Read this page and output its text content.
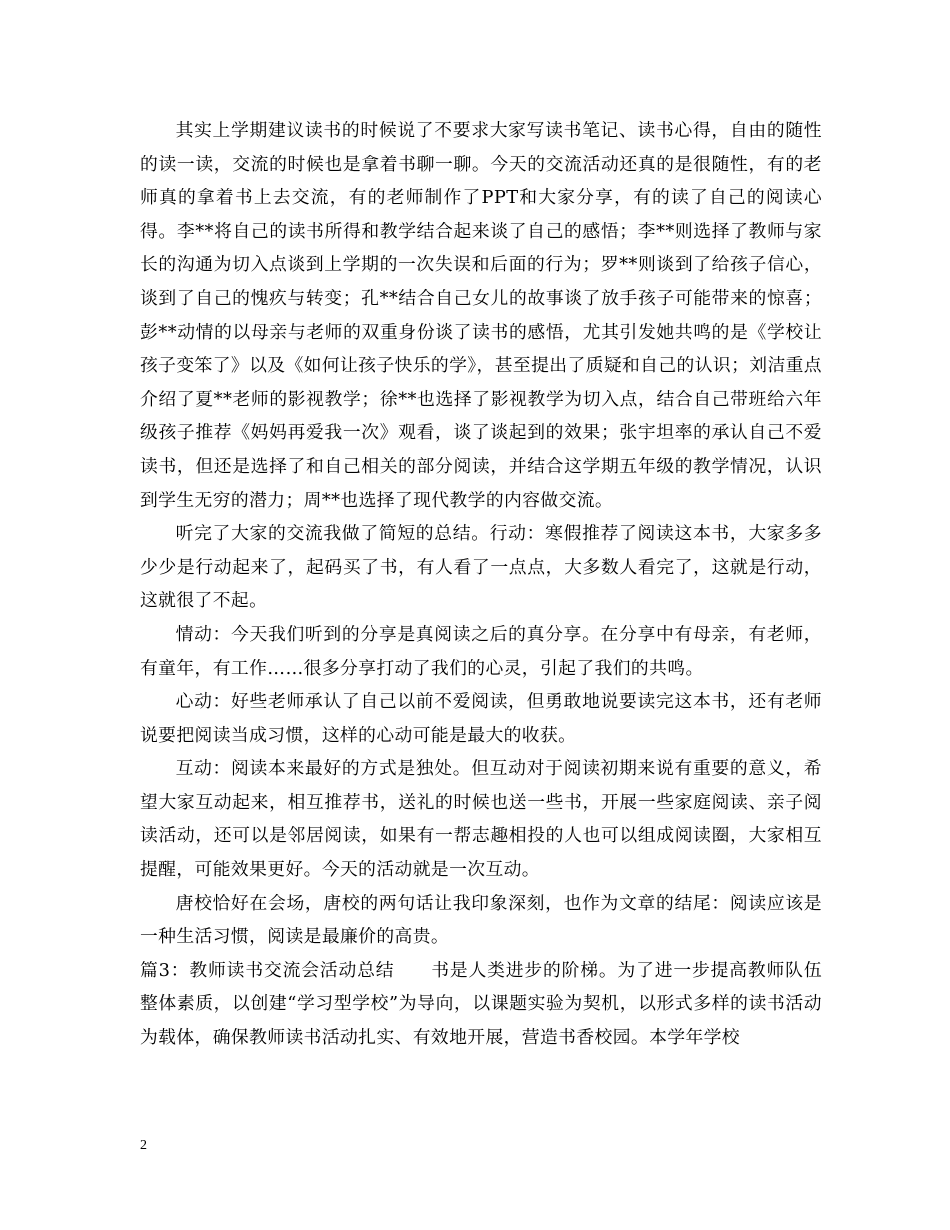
其实上学期建议读书的时候说了不要求大家写读书笔记、读书心得，自由的随性的读一读，交流的时候也是拿着书聊一聊。今天的交流活动还真的是很随性，有的老师真的拿着书上去交流，有的老师制作了PPT和大家分享，有的读了自己的阅读心得。李**将自己的读书所得和教学结合起来谈了自己的感悟；李**则选择了教师与家长的沟通为切入点谈到上学期的一次失误和后面的行为；罗**则谈到了给孩子信心，谈到了自己的愧疚与转变；孔**结合自己女儿的故事谈了放手孩子可能带来的惊喜；彭**动情的以母亲与老师的双重身份谈了读书的感悟，尤其引发她共鸣的是《学校让孩子变笨了》以及《如何让孩子快乐的学》，甚至提出了质疑和自己的认识；刘洁重点介绍了夏**老师的影视教学；徐**也选择了影视教学为切入点，结合自己带班给六年级孩子推荐《妈妈再爱我一次》观看，谈了谈起到的效果；张宇坦率的承认自己不爱读书，但还是选择了和自己相关的部分阅读，并结合这学期五年级的教学情况，认识到学生无穷的潜力；周**也选择了现代教学的内容做交流。

听完了大家的交流我做了简短的总结。行动：寒假推荐了阅读这本书，大家多多少少是行动起来了，起码买了书，有人看了一点点，大多数人看完了，这就是行动，这就很了不起。

情动：今天我们听到的分享是真阅读之后的真分享。在分享中有母亲，有老师，有童年，有工作……很多分享打动了我们的心灵，引起了我们的共鸣。

心动：好些老师承认了自己以前不爱阅读，但勇敢地说要读完这本书，还有老师说要把阅读当成习惯，这样的心动可能是最大的收获。

互动：阅读本来最好的方式是独处。但互动对于阅读初期来说有重要的意义，希望大家互动起来，相互推荐书，送礼的时候也送一些书，开展一些家庭阅读、亲子阅读活动，还可以是邻居阅读，如果有一帮志趣相投的人也可以组成阅读圈，大家相互提醒，可能效果更好。今天的活动就是一次互动。

唐校恰好在会场，唐校的两句话让我印象深刻，也作为文章的结尾：阅读应该是一种生活习惯，阅读是最廉价的高贵。

篇3：教师读书交流会活动总结   书是人类进步的阶梯。为了进一步提高教师队伍整体素质，以创建“学习型学校”为导向，以课题实验为契机，以形式多样的读书活动为载体，确保教师读书活动扎实、有效地开展，营造书香校园。本学年学校

2
